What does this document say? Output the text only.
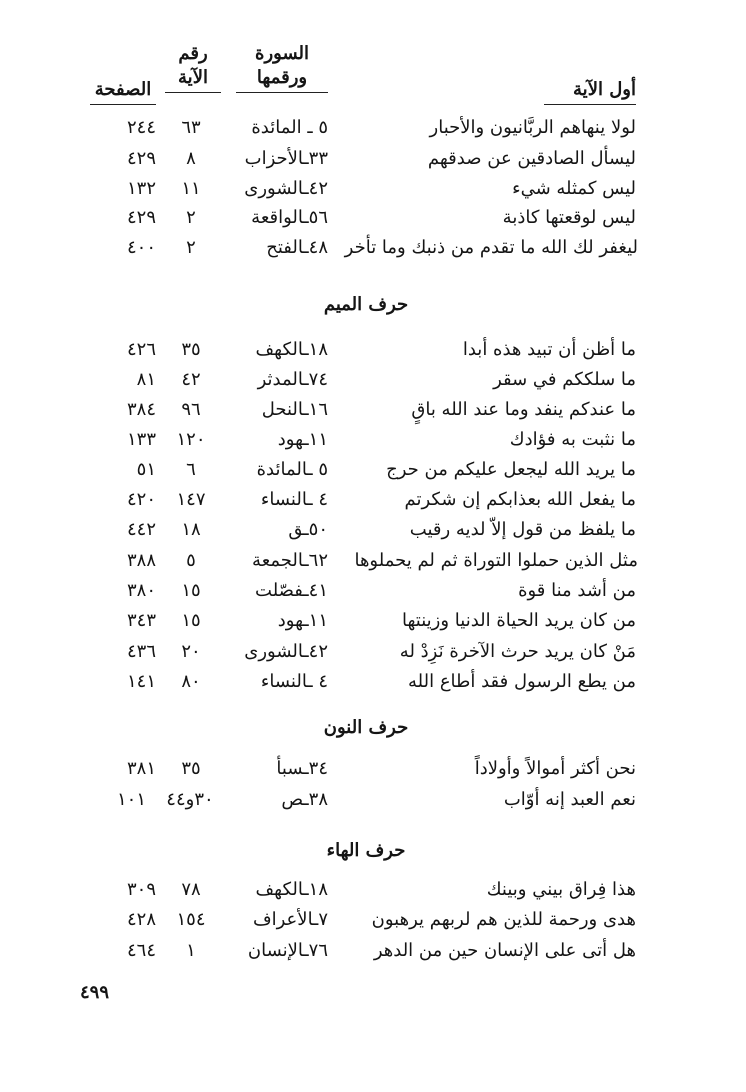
أول الآية
السورة
ورقمها
رقم
الآية
الصفحة
لولا ينهاهم الربَّانيون والأحبار
٥ ـ المائدة
٦٣
٢٤٤
ليسأل الصادقين عن صدقهم
٣٣ـالأحزاب
٨
٤٢٩
ليس كمثله شيء
٤٢ـالشورى
١١
١٣٢
ليس لوقعتها كاذبة
٥٦ـالواقعة
٢
٤٢٩
ليغفر لك الله ما تقدم من ذنبك وما تأخر
٤٨ـالفتح
٢
٤٠٠
حرف الميم
ما أظن أن تبيد هذه أبدا
١٨ـالكهف
٣٥
٤٢٦
ما سلككم في سقر
٧٤ـالمدثر
٤٢
٨١
ما عندكم ينفد وما عند الله باقٍ
١٦ـالنحل
٩٦
٣٨٤
ما نثبت به فؤادك
١١ـهود
١٢٠
١٣٣
ما يريد الله ليجعل عليكم من حرج
٥ ـالمائدة
٦
٥١
ما يفعل الله بعذابكم إن شكرتم
٤ ـالنساء
١٤٧
٤٢٠
ما يلفظ من قول إلاّ لديه رقيب
٥٠ـق
١٨
٤٤٢
مثل الذين حملوا التوراة ثم لم يحملوها
٦٢ـالجمعة
٥
٣٨٨
من أشد منا قوة
٤١ـفصّلت
١٥
٣٨٠
من كان يريد الحياة الدنيا وزينتها
١١ـهود
١٥
٣٤٣
مَنْ كان يريد حرث الآخرة نَزِدْ له
٤٢ـالشورى
٢٠
٤٣٦
من يطع الرسول فقد أطاع الله
٤ ـالنساء
٨٠
١٤١
حرف النون
نحن أكثر أموالاً وأولاداً
٣٤ـسبأ
٣٥
٣٨١
نعم العبد إنه أوّاب
٣٨ـص
٣٠و٤٤
١٠١
حرف الهاء
هذا فِراق بيني وبينك
١٨ـالكهف
٧٨
٣٠٩
هدى ورحمة للذين هم لربهم يرهبون
٧ـالأعراف
١٥٤
٤٢٨
هل أتى على الإنسان حين من الدهر
٧٦ـالإنسان
١
٤٦٤
٤٩٩
